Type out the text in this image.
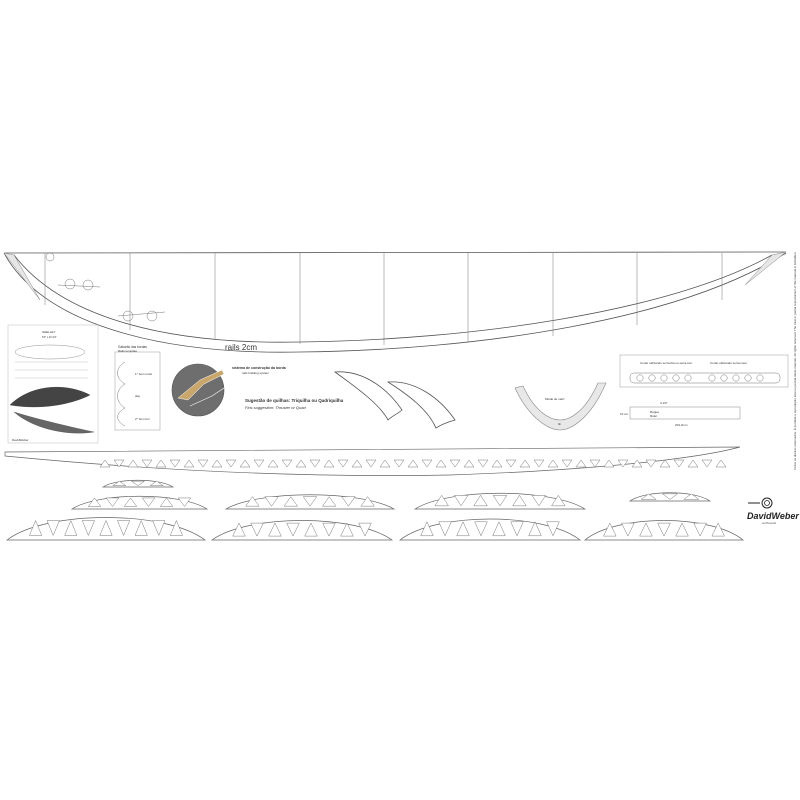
rails 2cm
SHELLEY
6'0" x 20 3/4"
DavidWeber
Gabarito das bordas
Rails template
1° bom rocal
alaj
2° bom bol
sistema de construção da borda
rails building system
Sugestão de quilhas: Triquilha ou Qadriquilha
Fins suggestion: Thruster or Quad
Molde de nariz
fin
Cortar utilizando serra-fita ou serra-tico	Cortar utilizando serra-copo
Régua
Ruler
4.1/2"
10 cm
203.2mm
DavidWeber
surfboards
Todos os direitos reservados. É proibida a reprodução total ou parcial deste material. All rights reserved. The total or partial reproduction of this material is forbidden.
